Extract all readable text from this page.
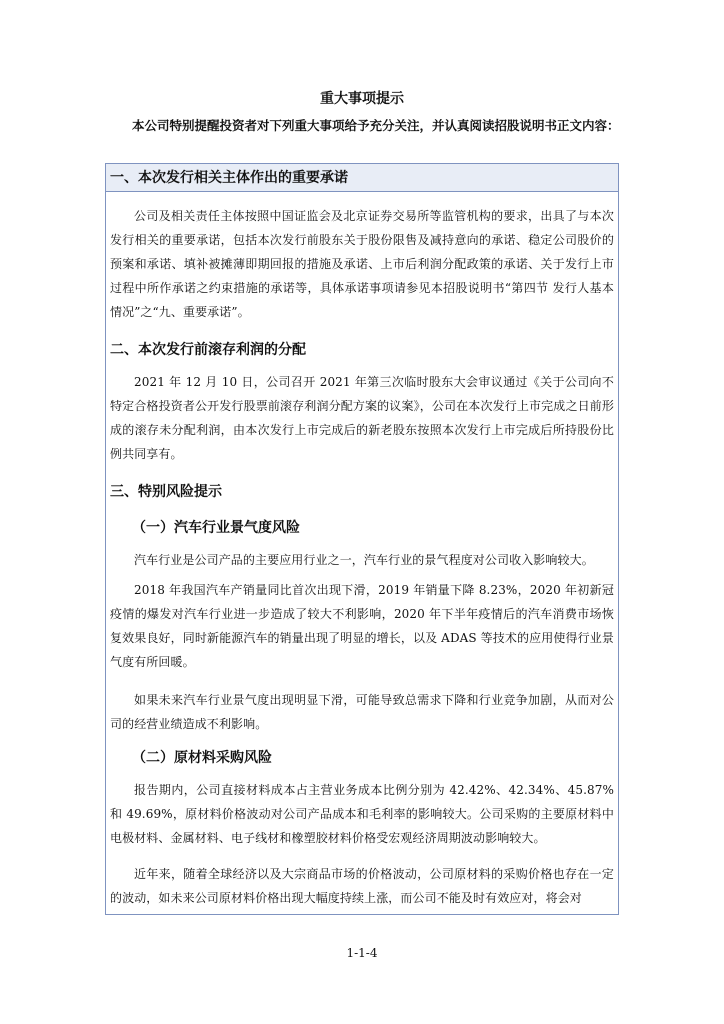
重大事项提示
本公司特别提醒投资者对下列重大事项给予充分关注，并认真阅读招股说明书正文内容：
一、本次发行相关主体作出的重要承诺
公司及相关责任主体按照中国证监会及北京证券交易所等监管机构的要求，出具了与本次发行相关的重要承诺，包括本次发行前股东关于股份限售及减持意向的承诺、稳定公司股价的预案和承诺、填补被摊薄即期回报的措施及承诺、上市后利润分配政策的承诺、关于发行上市过程中所作承诺之约束措施的承诺等，具体承诺事项请参见本招股说明书“第四节 发行人基本情况”之“九、重要承诺”。
二、本次发行前滚存利润的分配
2021 年 12 月 10 日，公司召开 2021 年第三次临时股东大会审议通过《关于公司向不特定合格投资者公开发行股票前滚存利润分配方案的议案》，公司在本次发行上市完成之日前形成的滚存未分配利润，由本次发行上市完成后的新老股东按照本次发行上市完成后所持股份比例共同享有。
三、特别风险提示
（一）汽车行业景气度风险
汽车行业是公司产品的主要应用行业之一，汽车行业的景气程度对公司收入影响较大。
2018 年我国汽车产销量同比首次出现下滑，2019 年销量下降 8.23%，2020 年初新冠疫情的爆发对汽车行业进一步造成了较大不利影响，2020 年下半年疫情后的汽车消费市场恢复效果良好，同时新能源汽车的销量出现了明显的增长，以及 ADAS 等技术的应用使得行业景气度有所回暖。
如果未来汽车行业景气度出现明显下滑，可能导致总需求下降和行业竞争加剧，从而对公司的经营业绩造成不利影响。
（二）原材料采购风险
报告期内，公司直接材料成本占主营业务成本比例分别为 42.42%、42.34%、45.87%和 49.69%，原材料价格波动对公司产品成本和毛利率的影响较大。公司采购的主要原材料中电极材料、金属材料、电子线材和橡塑胶材料价格受宏观经济周期波动影响较大。
近年来，随着全球经济以及大宗商品市场的价格波动，公司原材料的采购价格也存在一定的波动，如未来公司原材料价格出现大幅度持续上涨，而公司不能及时有效应对，将会对
1-1-4
